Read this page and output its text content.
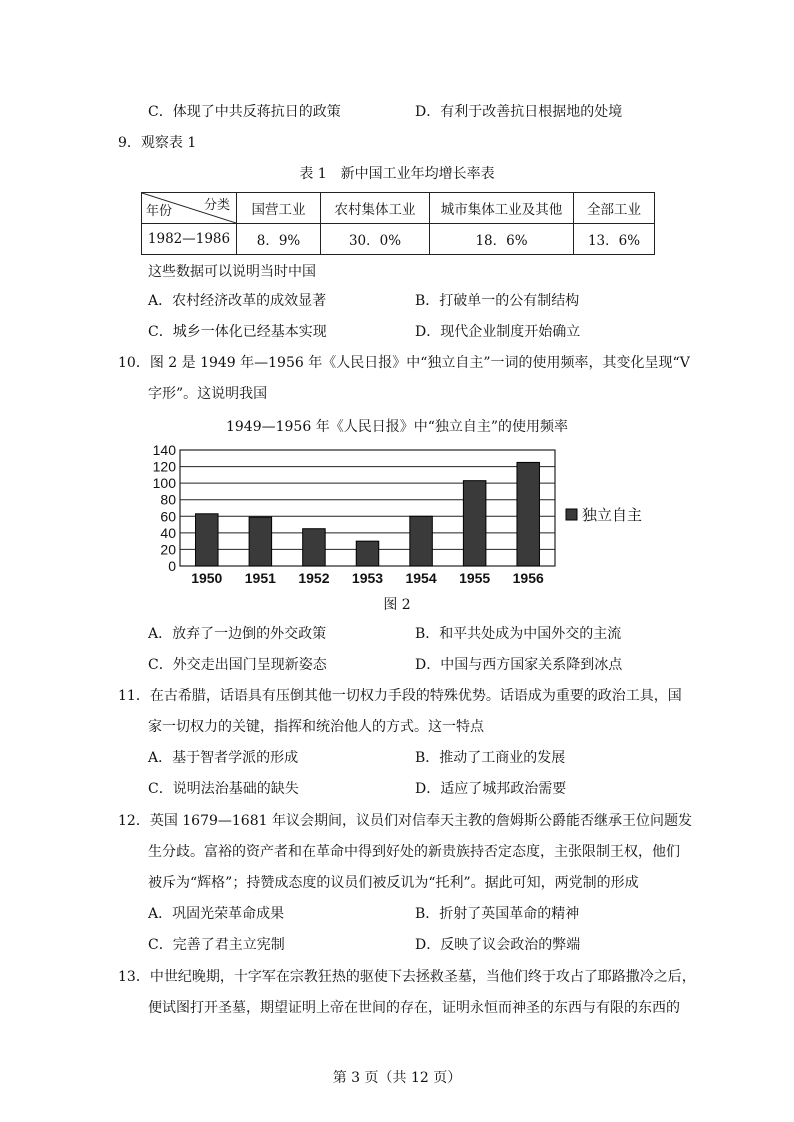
C．体现了中共反蒋抗日的政策	D．有利于改善抗日根据地的处境
9．观察表 1
表 1　新中国工业年均增长率表
年份 分类	国营工业	农村集体工业	城市集体工业及其他	全部工业
1982—1986	8．9%	30．0%	18．6%	13．6%
这些数据可以说明当时中国
A．农村经济改革的成效显著	B．打破单一的公有制结构
C．城乡一体化已经基本实现	D．现代企业制度开始确立
10．图 2 是 1949 年—1956 年《人民日报》中“独立自主”一词的使用频率，其变化呈现“V
字形”。这说明我国
1949—1956 年《人民日报》中“独立自主”的使用频率
0
20
40
60
80
100
120
140
1950 1951 1952 1953 1954 1955 1956
独立自主
图 2
A．放弃了一边倒的外交政策	B．和平共处成为中国外交的主流
C．外交走出国门呈现新姿态	D．中国与西方国家关系降到冰点
11．在古希腊，话语具有压倒其他一切权力手段的特殊优势。话语成为重要的政治工具，国
家一切权力的关键，指挥和统治他人的方式。这一特点
A．基于智者学派的形成	B．推动了工商业的发展
C．说明法治基础的缺失	D．适应了城邦政治需要
12．英国 1679—1681 年议会期间，议员们对信奉天主教的詹姆斯公爵能否继承王位问题发
生分歧。富裕的资产者和在革命中得到好处的新贵族持否定态度，主张限制王权，他们
被斥为“辉格”；持赞成态度的议员们被反讥为“托利”。据此可知，两党制的形成
A．巩固光荣革命成果	B．折射了英国革命的精神
C．完善了君主立宪制	D．反映了议会政治的弊端
13．中世纪晚期，十字军在宗教狂热的驱使下去拯救圣墓，当他们终于攻占了耶路撒冷之后，
便试图打开圣墓，期望证明上帝在世间的存在，证明永恒而神圣的东西与有限的东西的
第 3 页（共 12 页）
